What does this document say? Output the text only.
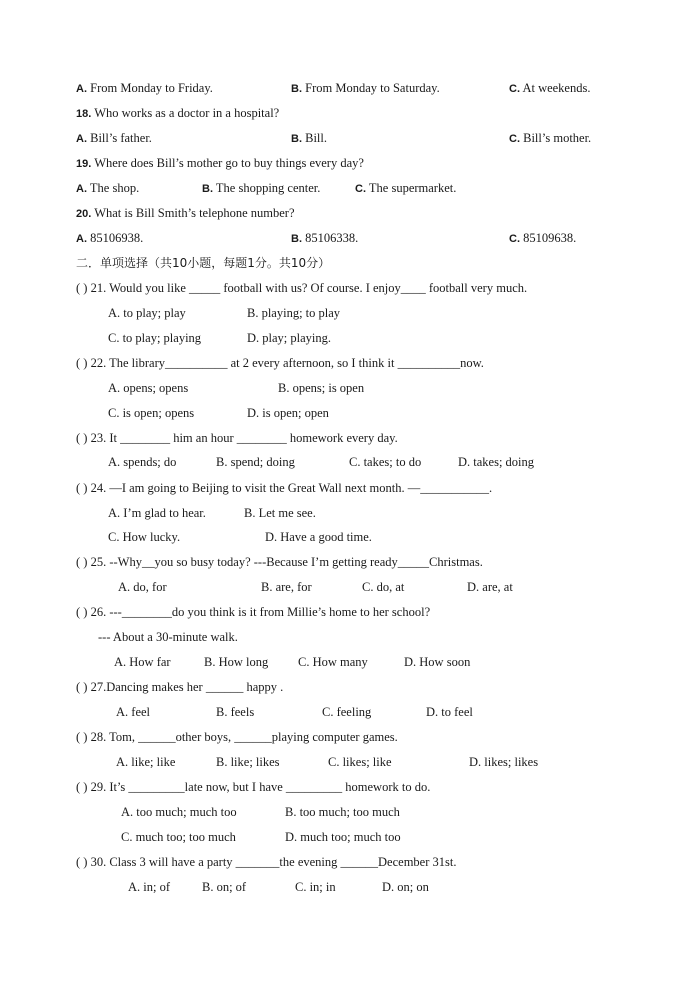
A. From Monday to Friday.	B. From Monday to Saturday.	C. At weekends.
18. Who works as a doctor in a hospital?
A. Bill’s father.	B. Bill.	C. Bill’s mother.
19. Where does Bill’s mother go to buy things every day?
A. The shop.	B. The shopping center.	C. The supermarket.
20. What is Bill Smith’s telephone number?
A. 85106938.	B. 85106338.	C. 85109638.
二．单项选择（共10小题，每题1分。共10分）
( ) 21. Would you like _____ football with us? Of course. I enjoy____ football very much.
A. to play; play	B. playing; to play
C. to play; playing	D. play; playing.
( ) 22. The library__________ at 2 every afternoon, so I think it __________now.
A. opens; opens	B. opens; is open
C. is open; opens	D. is open; open
( ) 23. It ________ him an hour ________ homework every day.
A. spends; do	B. spend; doing	C. takes; to do	D. takes; doing
( ) 24. —I am going to Beijing to visit the Great Wall next month. —___________.
A. I’m glad to hear.	B. Let me see.
C. How lucky.	D. Have a good time.
( ) 25. --Why__you so busy today? ---Because I’m getting ready_____Christmas.
A. do, for	B. are, for	C. do, at	D. are, at
( ) 26. ---________do you think is it from Millie’s home to her school?
--- About a 30-minute walk.
A. How far	B. How long C. How many	D. How soon
( ) 27.Dancing makes her ______ happy .
A. feel	B. feels	C. feeling	D. to feel
( ) 28. Tom, ______other boys, ______playing computer games.
A. like; like	B. like; likes	C. likes; like	D. likes; likes
( ) 29. It’s _________late now, but I have _________ homework to do.
A. too much; much too	B. too much; too much
C. much too; too much	D. much too; much too
( ) 30. Class 3 will have a party _______the evening ______December 31st.
A. in; of	B. on; of	C. in; in	D. on; on
